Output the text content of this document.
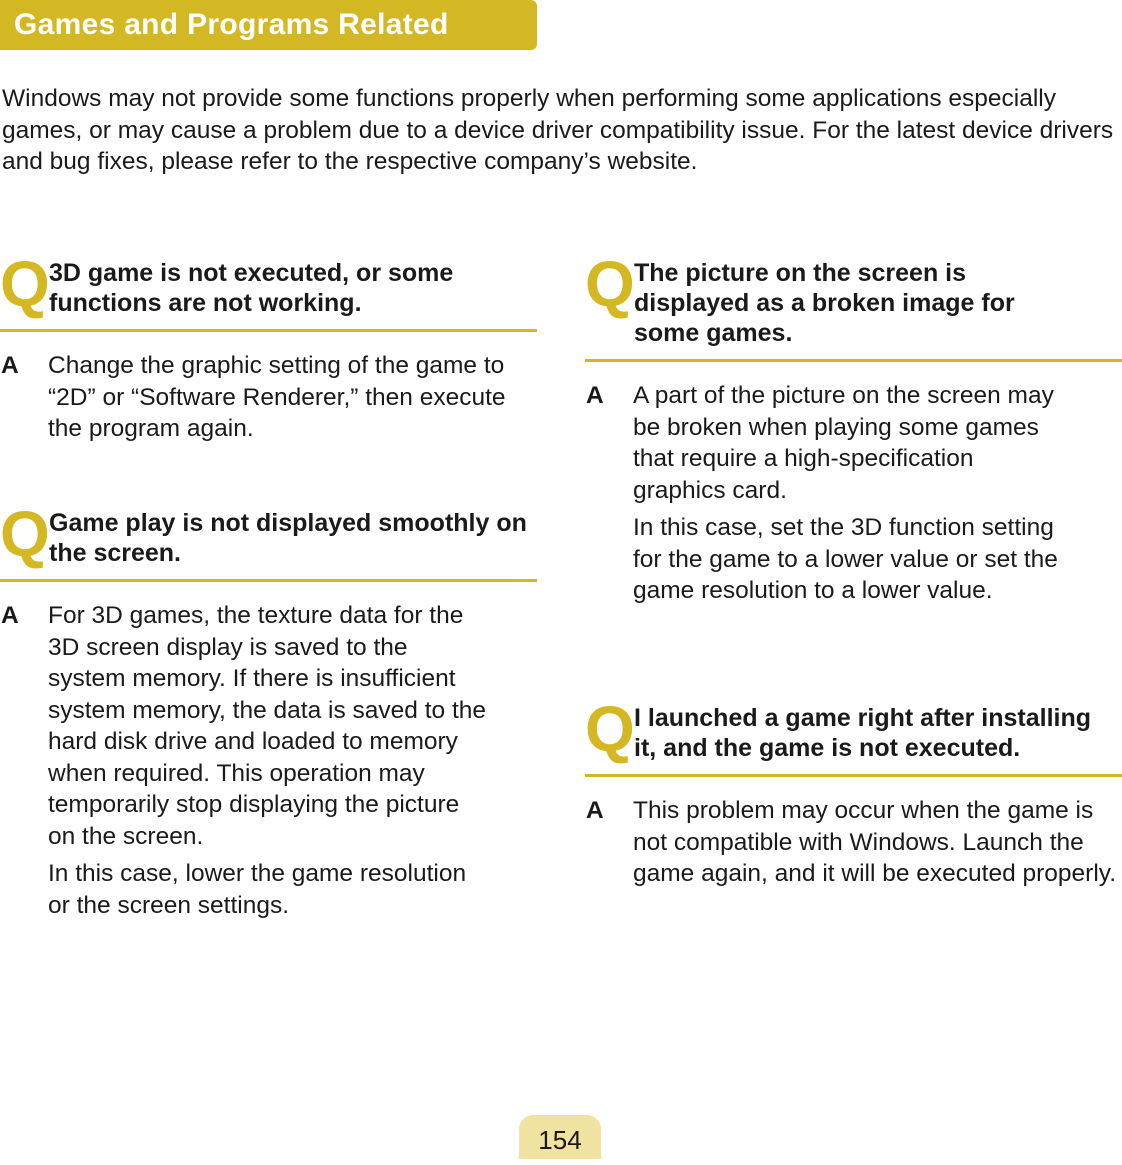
Games and Programs Related

Windows may not provide some functions properly when performing some applications especially games, or may cause a problem due to a device driver compatibility issue. For the latest device drivers and bug fixes, please refer to the respective company’s website.

Q 3D game is not executed, or some functions are not working.

A Change the graphic setting of the game to “2D” or “Software Renderer,” then execute the program again.

Q Game play is not displayed smoothly on the screen.

A For 3D games, the texture data for the 3D screen display is saved to the system memory. If there is insufficient system memory, the data is saved to the hard disk drive and loaded to memory when required. This operation may temporarily stop displaying the picture on the screen.

In this case, lower the game resolution or the screen settings.

Q The picture on the screen is displayed as a broken image for some games.

A A part of the picture on the screen may be broken when playing some games that require a high-specification graphics card.

In this case, set the 3D function setting for the game to a lower value or set the game resolution to a lower value.

Q I launched a game right after installing it, and the game is not executed.

A This problem may occur when the game is not compatible with Windows. Launch the game again, and it will be executed properly.

154
